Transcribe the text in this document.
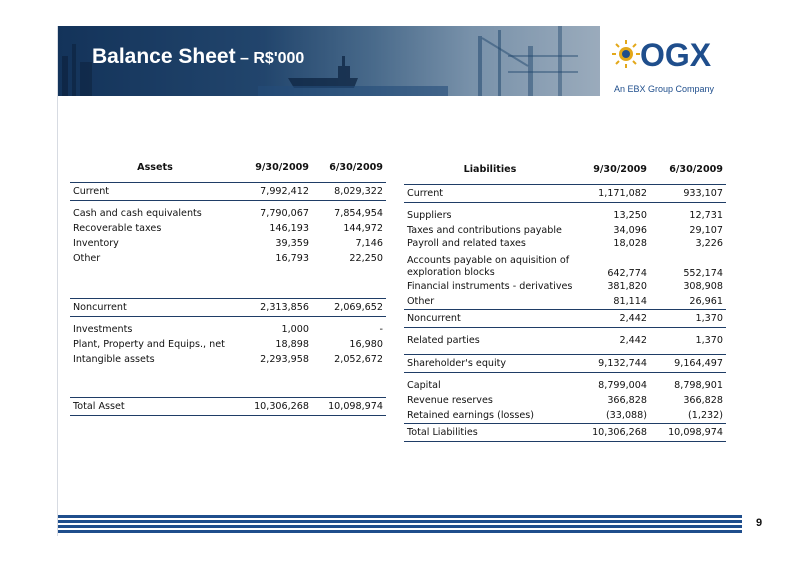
Balance Sheet – R$'000	OGX
An EBX Group Company
Assets	9/30/2009	6/30/2009

Current	7,992,412	8,029,322

Cash and cash equivalents	7,790,067	7,854,954
Recoverable taxes	146,193	144,972
Inventory	39,359	7,146
Other	16,793	22,250

Noncurrent	2,313,856	2,069,652

Investments	1,000	-
Plant, Property and Equips., net	18,898	16,980
Intangible assets	2,293,958	2,052,672

Total Asset	10,306,268	10,098,974
Liabilities	9/30/2009	6/30/2009

Current	1,171,082	933,107

Suppliers	13,250	12,731
Taxes and contributions payable	34,096	29,107
Payroll and related taxes	18,028	3,226
Accounts payable on aquisition of exploration blocks	642,774	552,174
Financial instruments - derivatives	381,820	308,908
Other	81,114	26,961
Noncurrent	2,442	1,370

Related parties	2,442	1,370

Shareholder's equity	9,132,744	9,164,497

Capital	8,799,004	8,798,901
Revenue reserves	366,828	366,828
Retained earnings (losses)	(33,088)	(1,232)
Total Liabilities	10,306,268	10,098,974
9
